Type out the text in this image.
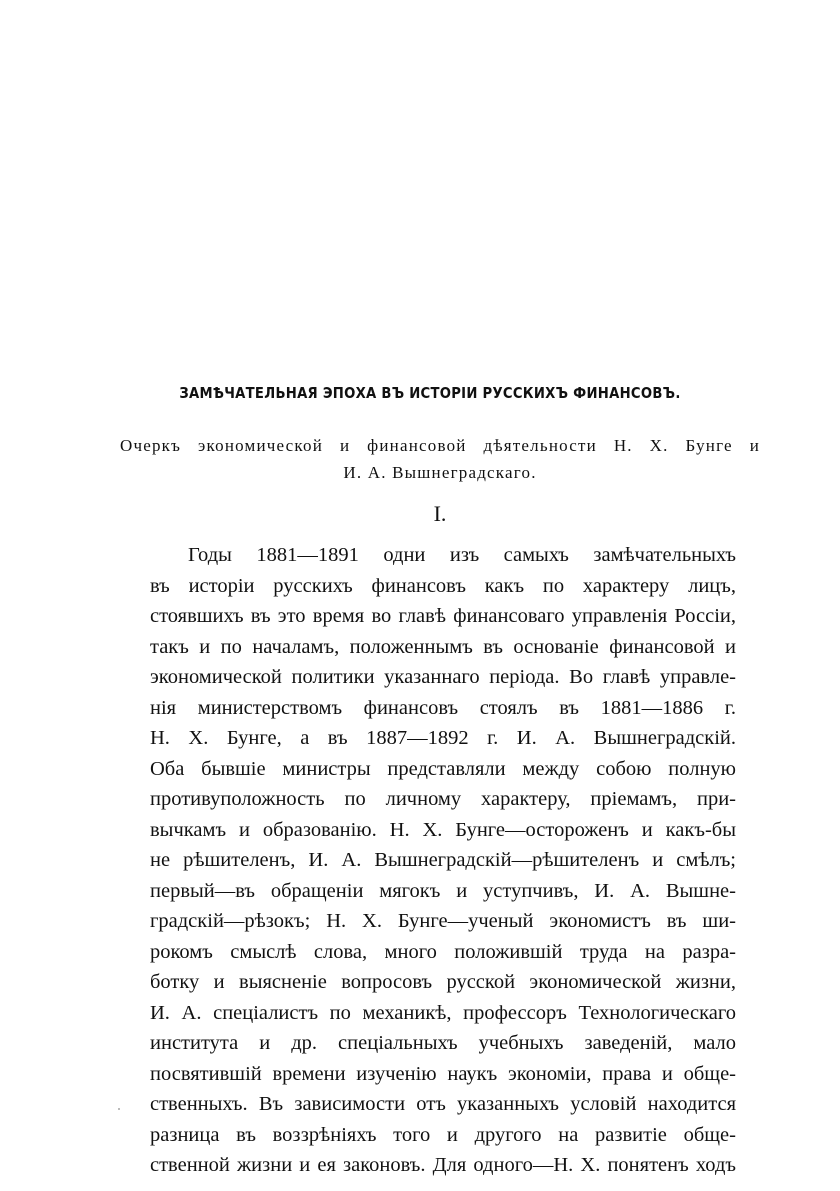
ЗАМѢЧАТЕЛЬНАЯ ЭПОХА ВЪ ИСТОРІИ РУССКИХЪ ФИНАНСОВЪ.
Очеркъ экономической и финансовой дѣятельности Н. Х. Бунге и
И. А. Вышнеградскаго.
I.
Годы 1881—1891 одни изъ самыхъ замѣчательныхъ
въ исторіи русскихъ финансовъ какъ по характеру лицъ,
стоявшихъ въ это время во главѣ финансоваго управленія Россіи,
такъ и по началамъ, положеннымъ въ основаніе финансовой и
экономической политики указаннаго періода. Во главѣ управле-
нія министерствомъ финансовъ стоялъ въ 1881—1886 г.
Н. Х. Бунге, а въ 1887—1892 г. И. А. Вышнеградскій.
Оба бывшіе министры представляли между собою полную
противуположность по личному характеру, пріемамъ, при-
вычкамъ и образованію. Н. Х. Бунге—остороженъ и какъ-бы
не рѣшителенъ, И. А. Вышнеградскій—рѣшителенъ и смѣлъ;
первый—въ обращеніи мягокъ и уступчивъ, И. А. Вышне-
градскій—рѣзокъ; Н. Х. Бунге—ученый экономистъ въ ши-
рокомъ смыслѣ слова, много положившій труда на разра-
ботку и выясненіе вопросовъ русской экономической жизни,
И. А. спеціалистъ по механикѣ, профессоръ Технологическаго
института и др. спеціальныхъ учебныхъ заведеній, мало
посвятившій времени изученію наукъ экономіи, права и обще-
ственныхъ. Въ зависимости отъ указанныхъ условій находится
разница въ воззрѣніяхъ того и другого на развитіе обще-
ственной жизни и ея законовъ. Для одного—Н. Х. понятенъ ходъ
